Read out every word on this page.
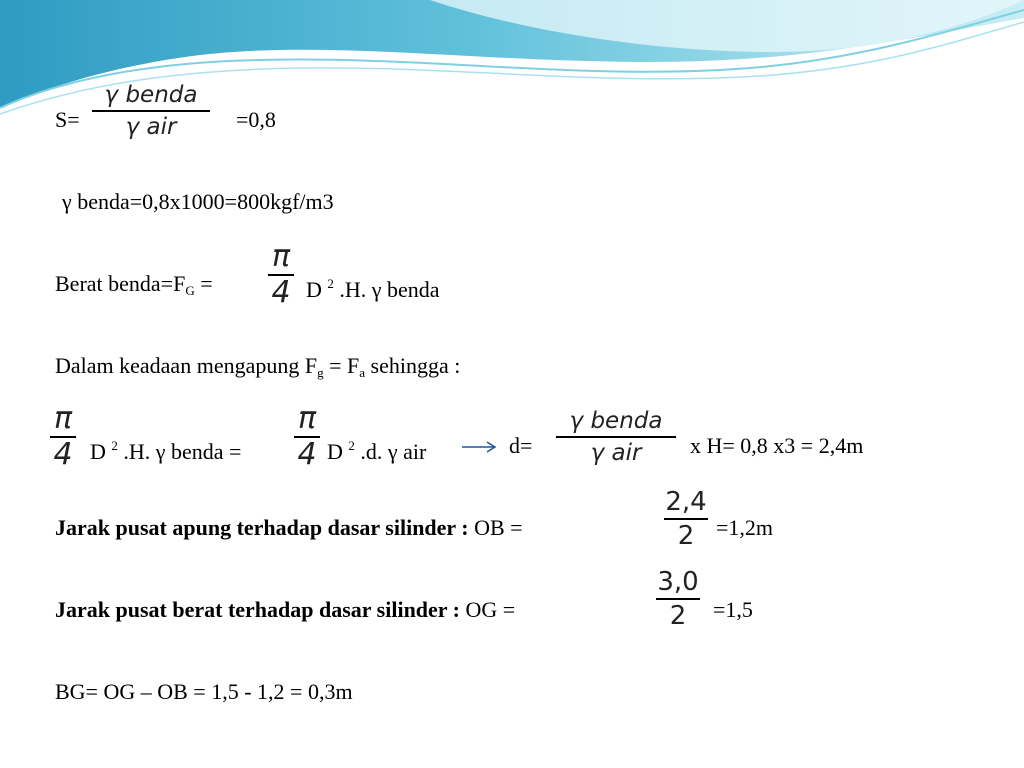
S=
γ benda
γ air	=0,8
γ benda=0,8x1000=800kgf/m3
Berat $benda=F_G$ =
π
4 D $^2$ .H. γ benda
Dalam keadaan mengapung $F_g = F_a$ sehingga :
π
4 D $^2$ .H. γ benda =
π
4 D $^2$ .d. γ air	d=
γ benda
γ air	x H= 0,8 x3 = 2,4m
Jarak pusat apung terhadap dasar silinder : OB =
2,4
2 =1,2m
Jarak pusat berat terhadap dasar silinder : OG =
3,0
2	=1,5
BG= OG – OB = 1,5 - 1,2 = 0,3m
